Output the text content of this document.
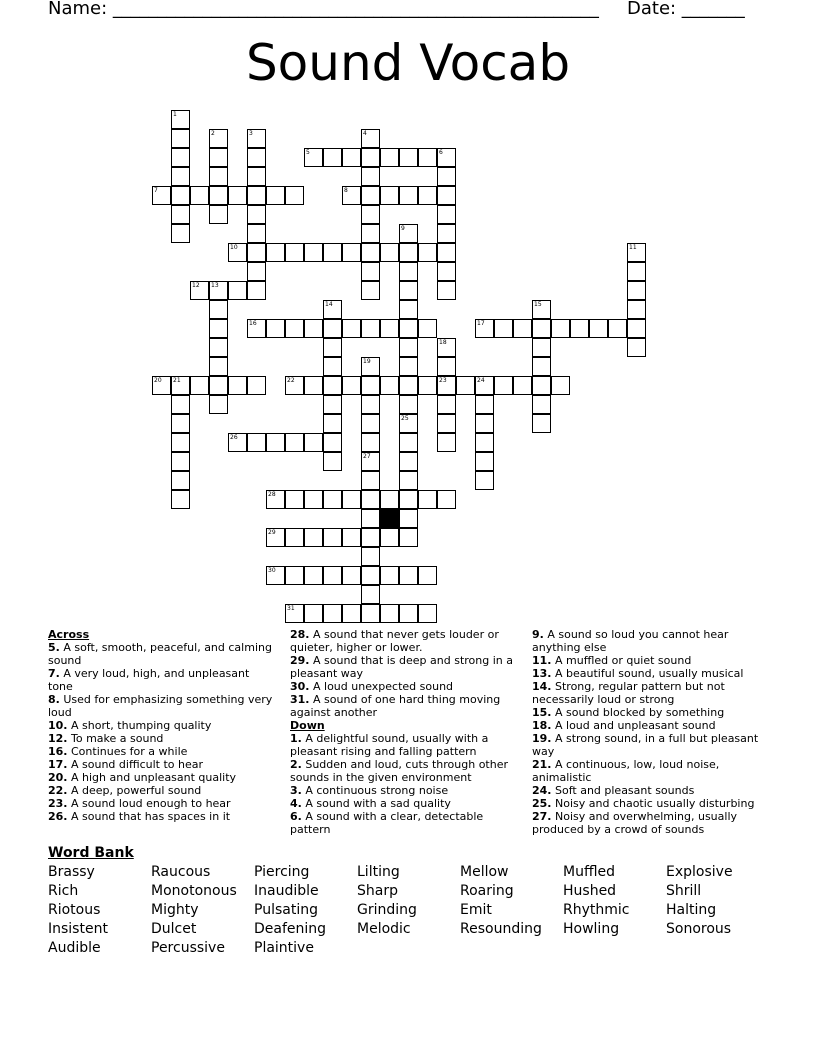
Name: ______________________________________________________ Date: _______
Sound Vocab
1
2	3	4
5	6
7	8
9
25
10	11
12 13
14	15
16	17
18
23
19
27
20 21	22	24
26
28
29
30
31
Across
5. A soft, smooth, peaceful, and calming sound
7. A very loud, high, and unpleasant tone
8. Used for emphasizing something very loud
10. A short, thumping quality
12. To make a sound
16. Continues for a while
17. A sound difficult to hear
20. A high and unpleasant quality
22. A deep, powerful sound
23. A sound loud enough to hear
26. A sound that has spaces in it
28. A sound that never gets louder or quieter, higher or lower.
29. A sound that is deep and strong in a pleasant way
30. A loud unexpected sound
31. A sound of one hard thing moving against another
Down
1. A delightful sound, usually with a pleasant rising and falling pattern
2. Sudden and loud, cuts through other sounds in the given environment
3. A continuous strong noise
4. A sound with a sad quality
6. A sound with a clear, detectable pattern
9. A sound so loud you cannot hear anything else
11. A muffled or quiet sound
13. A beautiful sound, usually musical
14. Strong, regular pattern but not necessarily loud or strong
15. A sound blocked by something
18. A loud and unpleasant sound
19. A strong sound, in a full but pleasant way
21. A continuous, low, loud noise, animalistic
24. Soft and pleasant sounds
25. Noisy and chaotic usually disturbing
27. Noisy and overwhelming, usually produced by a crowd of sounds
Word Bank
Brassy	Raucous	Piercing	Lilting	Mellow	Muffled	Explosive
Rich	Monotonous	Inaudible	Sharp	Roaring	Hushed	Shrill
Riotous	Mighty	Pulsating	Grinding	Emit	Rhythmic	Halting
Insistent	Dulcet	Deafening	Melodic	Resounding	Howling	Sonorous
Audible	Percussive	Plaintive
